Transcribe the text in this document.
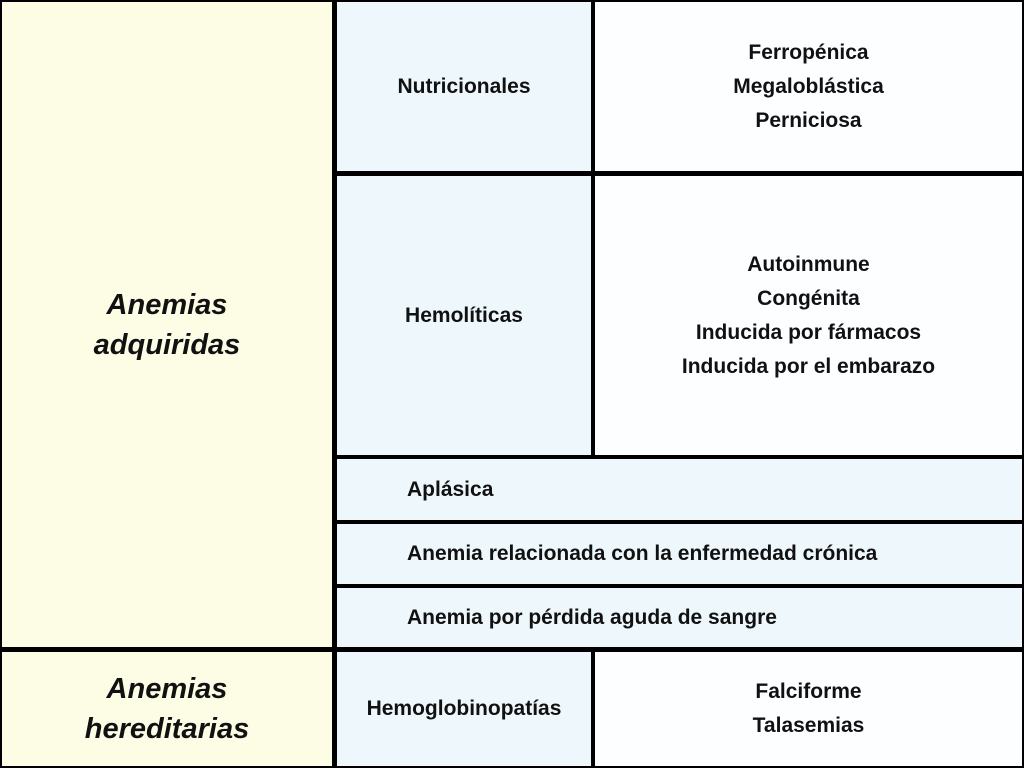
Anemias
adquiridas
Nutricionales
Ferropénica
Megaloblástica
Perniciosa
Hemolíticas
Autoinmune
Congénita
Inducida por fármacos
Inducida por el embarazo
Aplásica
Anemia relacionada con la enfermedad crónica
Anemia por pérdida aguda de sangre
Anemias
hereditarias
Hemoglobinopatías
Falciforme
Talasemias
